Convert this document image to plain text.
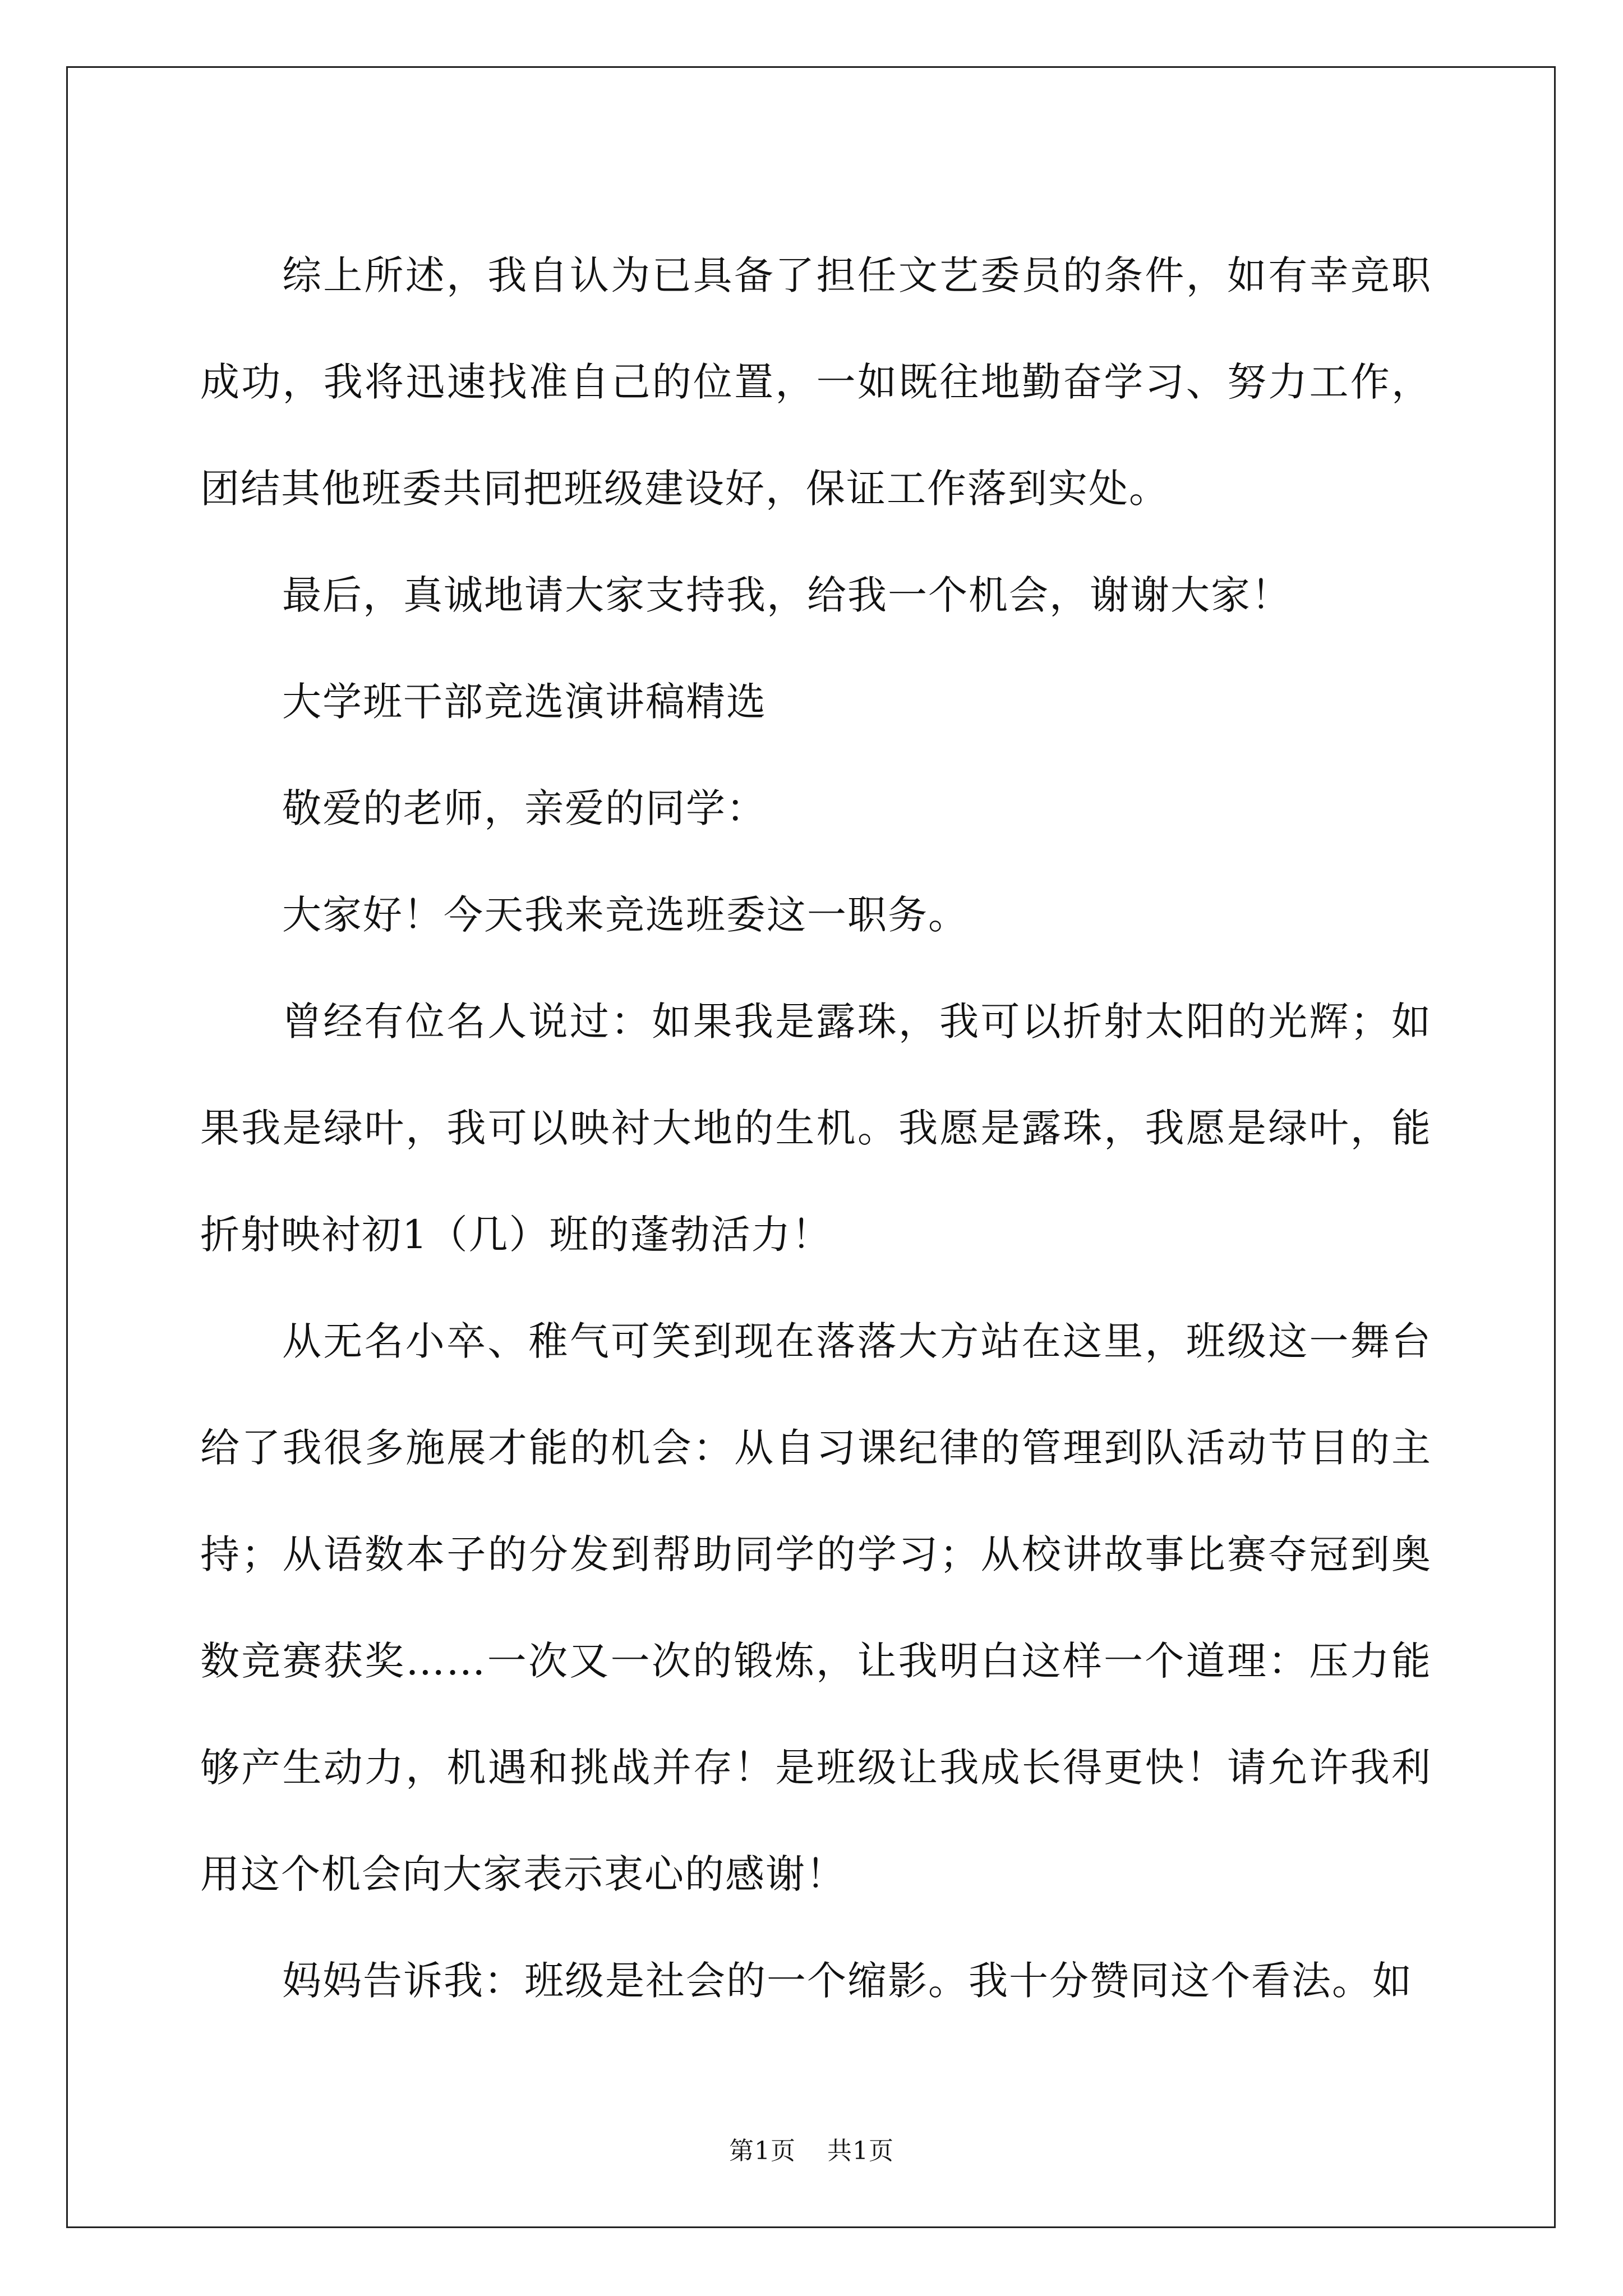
综上所述，我自认为已具备了担任文艺委员的条件，如有幸竞职成功，我将迅速找准自己的位置，一如既往地勤奋学习、努力工作，团结其他班委共同把班级建设好，保证工作落到实处。

最后，真诚地请大家支持我，给我一个机会，谢谢大家！

大学班干部竞选演讲稿精选

敬爱的老师，亲爱的同学：

大家好！今天我来竞选班委这一职务。

曾经有位名人说过：如果我是露珠，我可以折射太阳的光辉；如果我是绿叶，我可以映衬大地的生机。我愿是露珠，我愿是绿叶，能折射映衬初1（几）班的蓬勃活力！

从无名小卒、稚气可笑到现在落落大方站在这里，班级这一舞台给了我很多施展才能的机会：从自习课纪律的管理到队活动节目的主持；从语数本子的分发到帮助同学的学习；从校讲故事比赛夺冠到奥数竞赛获奖……一次又一次的锻炼，让我明白这样一个道理：压力能够产生动力，机遇和挑战并存！是班级让我成长得更快！请允许我利用这个机会向大家表示衷心的感谢！

妈妈告诉我：班级是社会的一个缩影。我十分赞同这个看法。如

第1页 共1页
